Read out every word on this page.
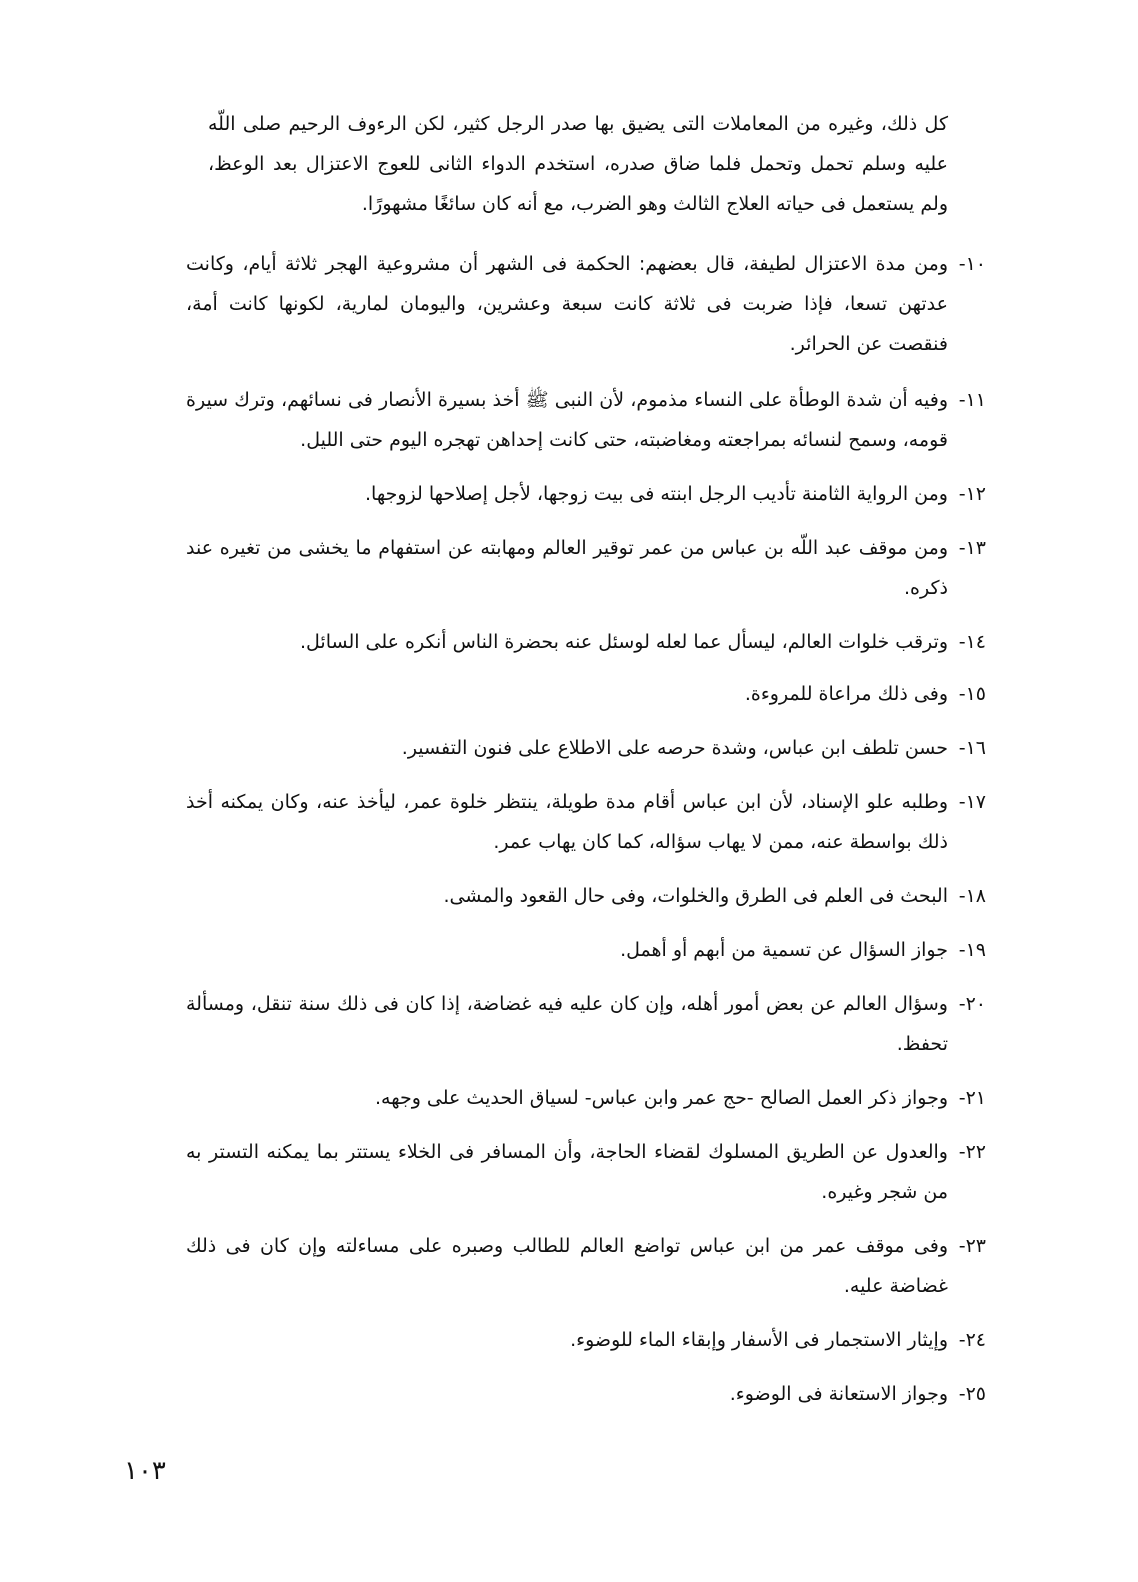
كل ذلك، وغيره من المعاملات التى يضيق بها صدر الرجل كثير، لكن الرءوف الرحيم صلى اللّه عليه وسلم تحمل وتحمل فلما ضاق صدره، استخدم الدواء الثانى للعوج الاعتزال بعد الوعظ، ولم يستعمل فى حياته العلاج الثالث وهو الضرب، مع أنه كان سائغًا مشهورًا.

١٠-

ومن مدة الاعتزال لطيفة، قال بعضهم: الحكمة فى الشهر أن مشروعية الهجر ثلاثة أيام، وكانت عدتهن تسعا، فإذا ضربت فى ثلاثة كانت سبعة وعشرين، واليومان لمارية، لكونها كانت أمة، فنقصت عن الحرائر.

١١-

وفيه أن شدة الوطأة على النساء مذموم، لأن النبى ﷺ أخذ بسيرة الأنصار فى نسائهم، وترك سيرة قومه، وسمح لنسائه بمراجعته ومغاضبته، حتى كانت إحداهن تهجره اليوم حتى الليل.

١٢-

ومن الرواية الثامنة تأديب الرجل ابنته فى بيت زوجها، لأجل إصلاحها لزوجها.

١٣-

ومن موقف عبد اللّه بن عباس من عمر توقير العالم ومهابته عن استفهام ما يخشى من تغيره عند ذكره.

١٤-

وترقب خلوات العالم، ليسأل عما لعله لوسئل عنه بحضرة الناس أنكره على السائل.

١٥-

وفى ذلك مراعاة للمروءة.

١٦-

حسن تلطف ابن عباس، وشدة حرصه على الاطلاع على فنون التفسير.

١٧-

وطلبه علو الإسناد، لأن ابن عباس أقام مدة طويلة، ينتظر خلوة عمر، ليأخذ عنه، وكان يمكنه أخذ ذلك بواسطة عنه، ممن لا يهاب سؤاله، كما كان يهاب عمر.

١٨-

البحث فى العلم فى الطرق والخلوات، وفى حال القعود والمشى.

١٩-

جواز السؤال عن تسمية من أبهم أو أهمل.

٢٠-

وسؤال العالم عن بعض أمور أهله، وإن كان عليه فيه غضاضة، إذا كان فى ذلك سنة تنقل، ومسألة تحفظ.

٢١-

وجواز ذكر العمل الصالح -حج عمر وابن عباس- لسياق الحديث على وجهه.

٢٢-

والعدول عن الطريق المسلوك لقضاء الحاجة، وأن المسافر فى الخلاء يستتر بما يمكنه التستر به من شجر وغيره.

٢٣-

وفى موقف عمر من ابن عباس تواضع العالم للطالب وصبره على مساءلته وإن كان فى ذلك غضاضة عليه.

٢٤-

وإيثار الاستجمار فى الأسفار وإبقاء الماء للوضوء.

٢٥-

وجواز الاستعانة فى الوضوء.

١٠٣
